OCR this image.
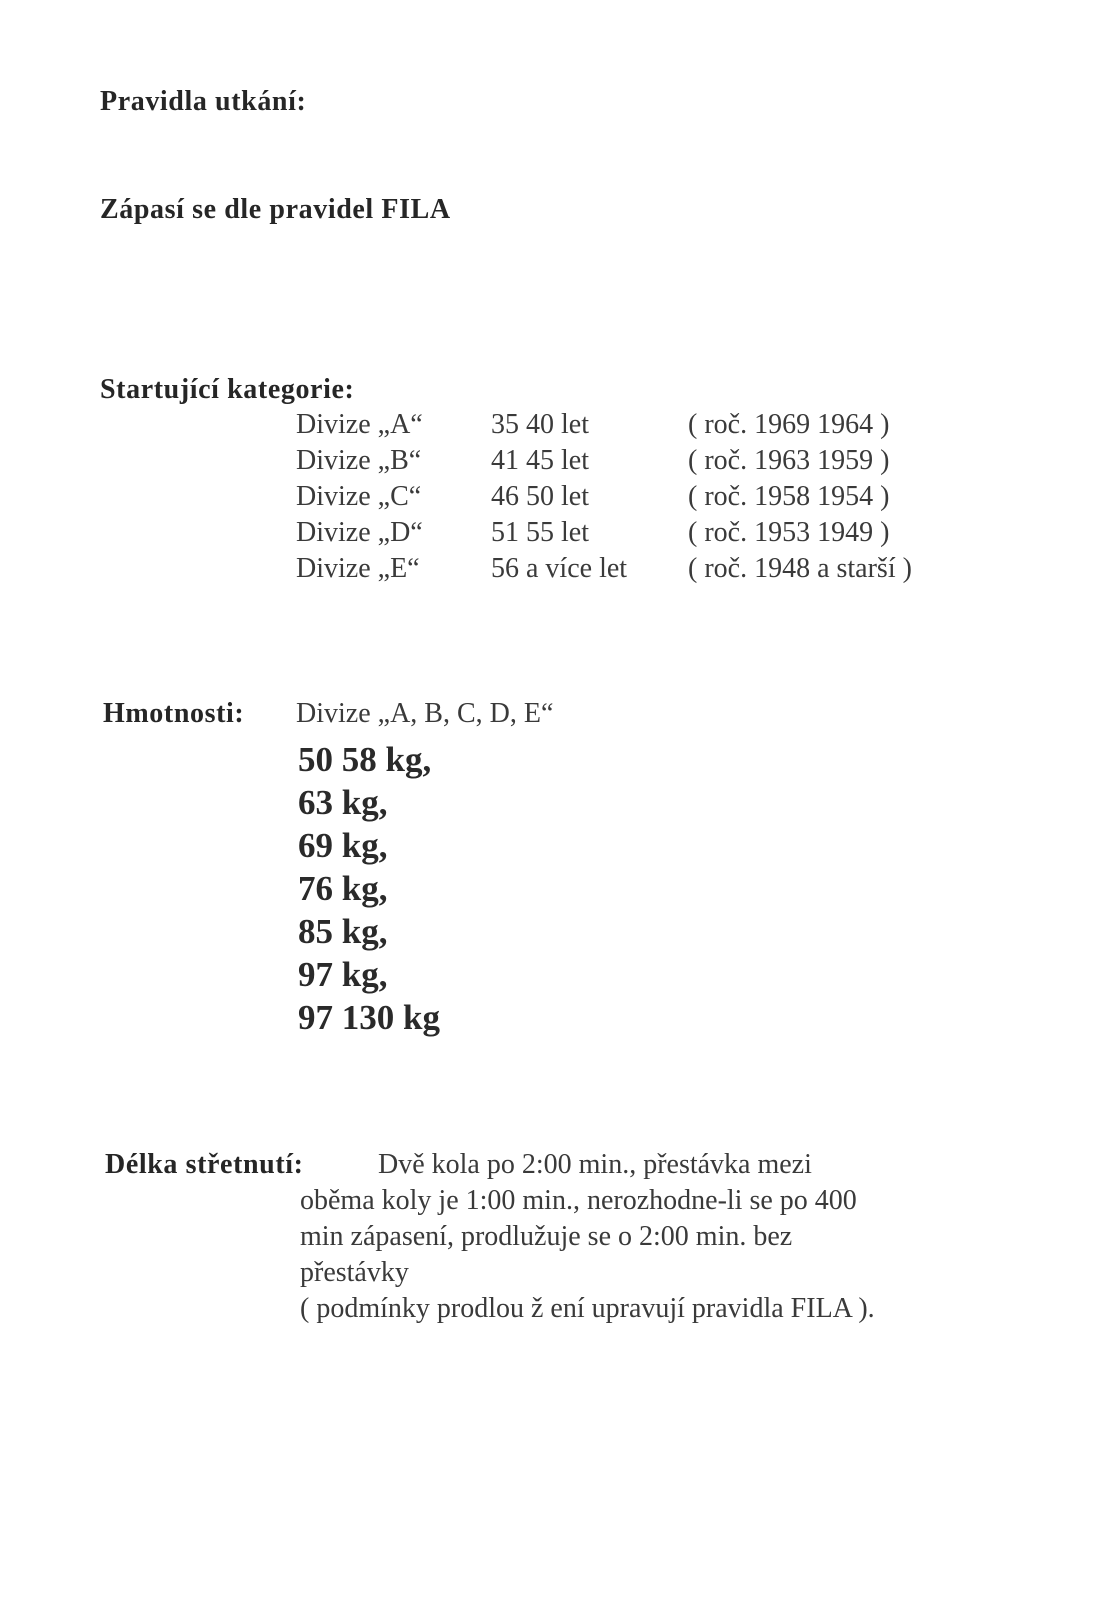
Pravidla utkání:
Zápasí se dle pravidel FILA
Startující kategorie:
Divize „A“ 35 40 let	( roč. 1969 1964 )
Divize „B“ 41 45 let	( roč. 1963 1959 )
Divize „C“ 46 50 let	( roč. 1958 1954 )
Divize „D“ 51 55 let	( roč. 1953 1949 )
Divize „E“	56 a více let ( roč. 1948 a starší )
Hmotnosti: Divize „A, B, C, D, E“
50 58 kg,
63 kg,
69 kg,
76 kg,
85 kg,
97 kg,
97 130 kg
Délka střetnutí:	Dvě kola po 2:00 min., přestávka mezi
oběma koly je 1:00 min., nerozhodne-li se po 400
min zápasení, prodlužuje se o 2:00 min. bez
přestávky
( podmínky prodlou ž ení upravují pravidla FILA ).
